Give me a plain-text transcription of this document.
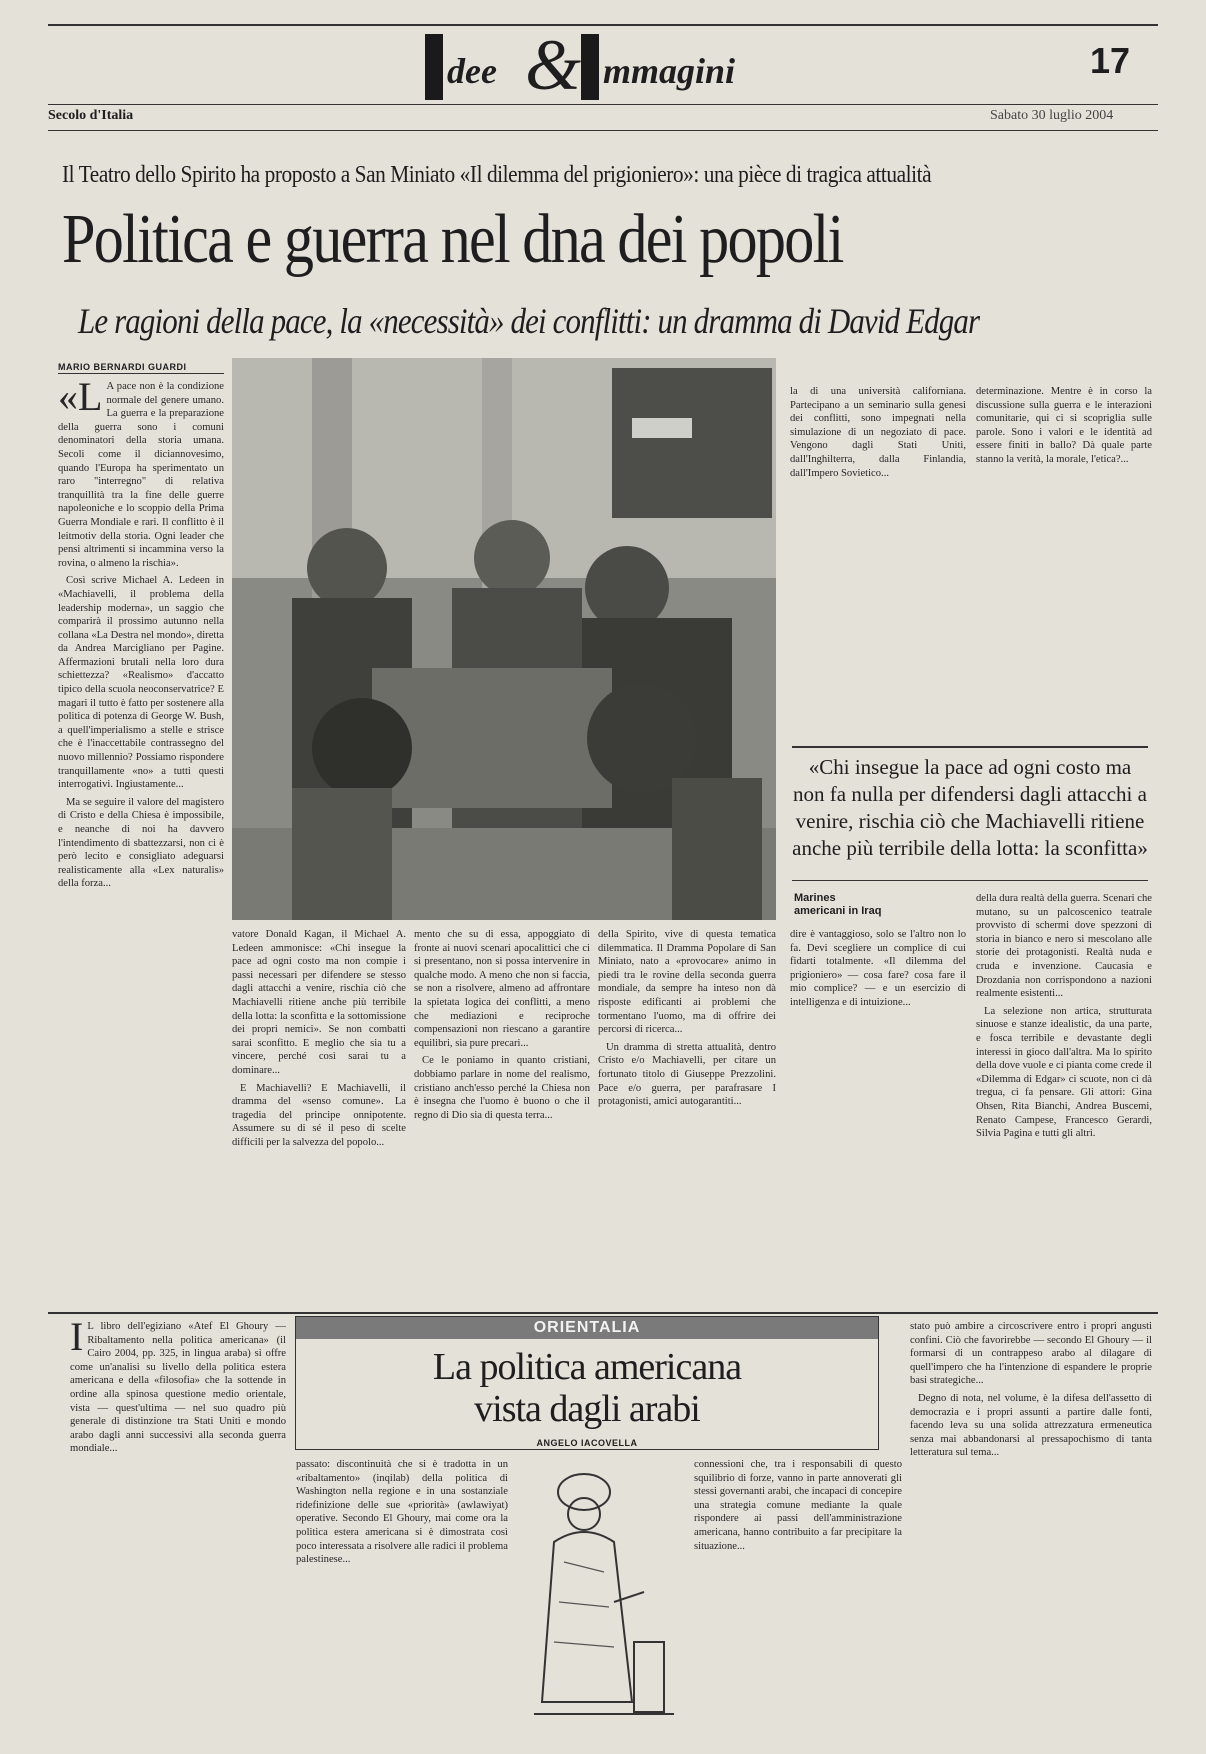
dee & mmagini	17
Secolo d'Italia	Sabato 30 luglio 2004
Il Teatro dello Spirito ha proposto a San Miniato «Il dilemma del prigioniero»: una pièce di tragica attualità
Politica e guerra nel dna dei popoli
Le ragioni della pace, la «necessità» dei conflitti: un dramma di David Edgar
MARIO BERNARDI GUARDI

«L A pace non è la condizione normale del genere umano. La guerra e la preparazione della guerra sono i comuni denominatori della storia umana. Secoli come il diciannovesimo, quando l'Europa ha sperimentato un raro "interregno" di relativa tranquillità tra la fine delle guerre napoleoniche e lo scoppio della Prima Guerra Mondiale e rari. Il conflitto è il leitmotiv della storia. Ogni leader che pensi altrimenti si incammina verso la rovina, o almeno la rischia».

Così scrive Michael A. Ledeen in «Machiavelli, il problema della leadership moderna», un saggio che comparirà il prossimo autunno nella collana «La Destra nel mondo», diretta da Andrea Marcigliano per Pagine. Affermazioni brutali nella loro dura schiettezza? «Realismo» d'accatto tipico della scuola neoconservatrice? E magari il tutto è fatto per sostenere alla politica di potenza di George W. Bush, a quell'imperialismo a stelle e strisce che è l'inaccettabile contrassegno del nuovo millennio? Possiamo rispondere tranquillamente «no» a tutti questi interrogativi. Ingiustamente...

Ma se seguire il valore del magistero di Cristo e della Chiesa è impossibile, e neanche di noi ha davvero l'intendimento di sbattezzarsi, non ci è però lecito e consigliato adeguarsi realisticamente alla «Lex naturalis» della forza...

vatore Donald Kagan, il Michael A. Ledeen ammonisce: «Chi insegue la pace ad ogni costo ma non compie i passi necessari per difendere se stesso dagli attacchi a venire, rischia ciò che Machiavelli ritiene anche più terribile della lotta: la sconfitta e la sottomissione dei propri nemici». Se non combatti sarai sconfitto. E meglio che sia tu a vincere, perché così sarai tu a dominare...

E Machiavelli? E Machiavelli, il dramma del «senso comune». La tragedia del principe onnipotente. Assumere su di sé il peso di scelte difficili per la salvezza del popolo...

mento che su di essa, appoggiato di fronte ai nuovi scenari apocalittici che ci si presentano, non si possa intervenire in qualche modo. A meno che non si faccia, se non a risolvere, almeno ad affrontare la spietata logica dei conflitti, a meno che mediazioni e reciproche compensazioni non riescano a garantire equilibri, sia pure precari...

Ce le poniamo in quanto cristiani, dobbiamo parlare in nome del realismo, cristiano anch'esso perché la Chiesa non è insegna che l'uomo è buono o che il regno di Dio sia di questa terra...

della Spirito, vive di questa tematica dilemmatica. Il Dramma Popolare di San Miniato, nato a «provocare» animo in piedi tra le rovine della seconda guerra mondiale, da sempre ha inteso non dà risposte edificanti ai problemi che tormentano l'uomo, ma di offrire dei percorsi di ricerca...

Un dramma di stretta attualità, dentro Cristo e/o Machiavelli, per citare un fortunato titolo di Giuseppe Prezzolini. Pace e/o guerra, per parafrasare I protagonisti, amici autogarantiti...

la di una università californiana. Partecipano a un seminario sulla genesi dei conflitti, sono impegnati nella simulazione di un negoziato di pace. Vengono dagli Stati Uniti, dall'Inghilterra, dalla Finlandia, dall'Impero Sovietico...

determinazione. Mentre è in corso la discussione sulla guerra e le interazioni comunitarie, qui ci si scopriglia sulle parole. Sono i valori e le identità ad essere finiti in ballo? Dà quale parte stanno la verità, la morale, l'etica?...

«Chi insegue la pace ad ogni costo ma non fa nulla per difendersi dagli attacchi a venire, rischia ciò che Machiavelli ritiene anche più terribile della lotta: la sconfitta»
Marines americani in Iraq

dire è vantaggioso, solo se l'altro non lo fa. Devi scegliere un complice di cui fidarti totalmente. «Il dilemma del prigioniero» — cosa fare? cosa fare il mio complice? — e un esercizio di intelligenza e di intuizione...

della dura realtà della guerra. Scenari che mutano, su un palcoscenico teatrale provvisto di schermi dove spezzoni di storia in bianco e nero si mescolano alle storie dei protagonisti. Realtà nuda e cruda e invenzione. Caucasia e Drozdania non corrispondono a nazioni realmente esistenti...

La selezione non artica, strutturata sinuose e stanze idealistic, da una parte, e fosca terribile e devastante degli interessi in gioco dall'altra. Ma lo spirito della dove vuole e ci pianta come crede il «Dilemma di Edgar» ci scuote, non ci dà tregua, ci fa pensare. Gli attori: Gina Ohsen, Rita Bianchi, Andrea Buscemi, Renato Campese, Francesco Gerardi, Silvia Pagina e tutti gli altri.

ORIENTALIA
La politica americana
vista dagli arabi
ANGELO IACOVELLA

I L libro dell'egiziano «Atef El Ghoury — Ribaltamento nella politica americana» (il Cairo 2004, pp. 325, in lingua araba) si offre come un'analisi su livello della politica estera americana e della «filosofia» che la sottende in ordine alla spinosa questione medio orientale, vista — quest'ultima — nel suo quadro più generale di distinzione tra Stati Uniti e mondo arabo dagli anni successivi alla seconda guerra mondiale...

passato: discontinuità che si è tradotta in un «ribaltamento» (inqilab) della politica di Washington nella regione e in una sostanziale ridefinizione delle sue «priorità» (awlawiyat) operative. Secondo El Ghoury, mai come ora la politica estera americana si è dimostrata così poco interessata a risolvere alle radici il problema palestinese...

connessioni che, tra i responsabili di questo squilibrio di forze, vanno in parte annoverati gli stessi governanti arabi, che incapaci di concepire una strategia comune mediante la quale rispondere ai passi dell'amministrazione americana, hanno contribuito a far precipitare la situazione...

stato può ambire a circoscrivere entro i propri angusti confini. Ciò che favorirebbe — secondo El Ghoury — il formarsi di un contrappeso arabo al dilagare di quell'impero che ha l'intenzione di espandere le proprie basi strategiche...

Degno di nota, nel volume, è la difesa dell'assetto di democrazia e i propri assunti a partire dalle fonti, facendo leva su una solida attrezzatura ermeneutica senza mai abbandonarsi al pressapochismo di tanta letteratura sul tema...
